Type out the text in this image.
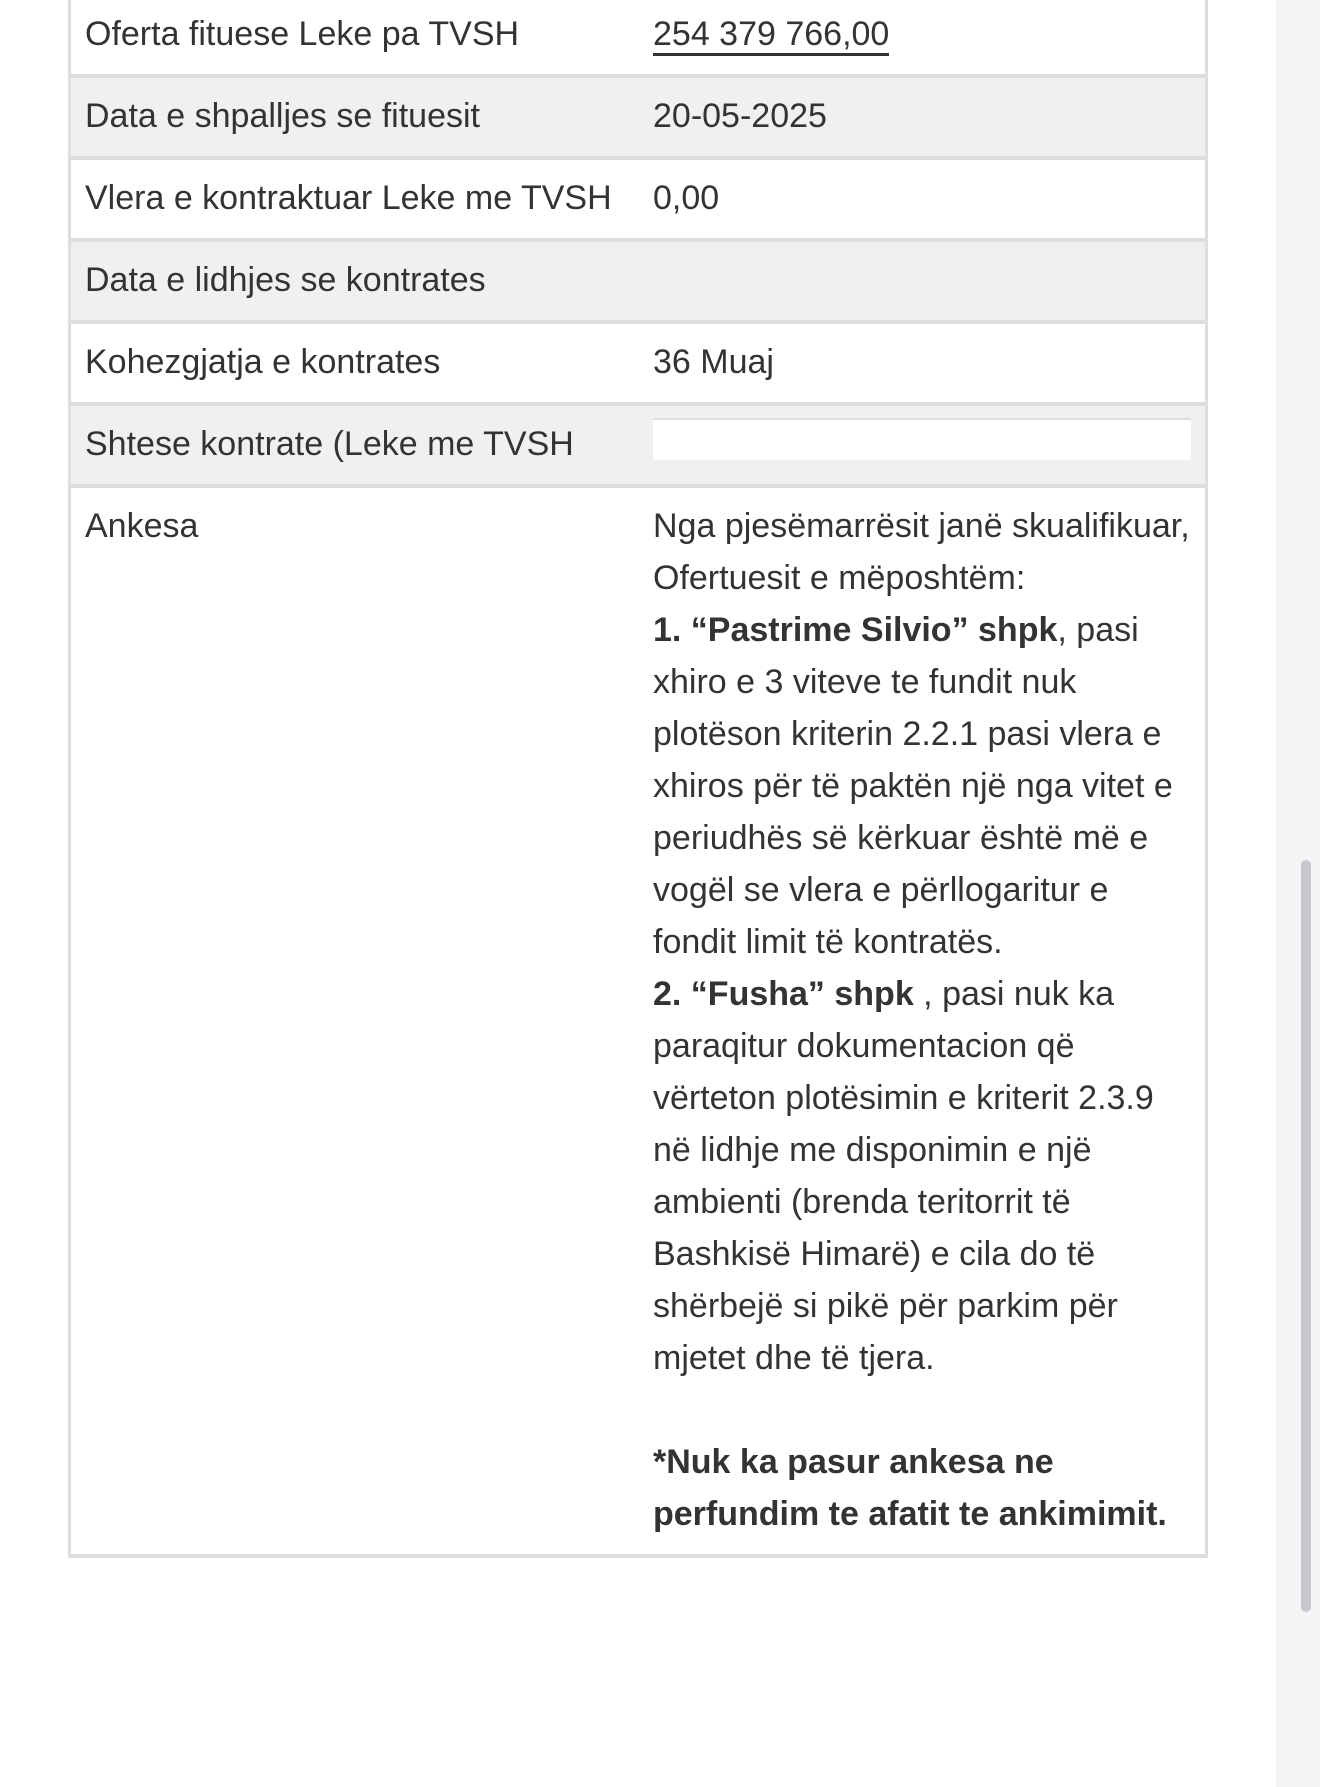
Oferta fituese Leke pa TVSH	254 379 766,00
Data e shpalljes se fituesit	20-05-2025
Vlera e kontraktuar Leke me TVSH	0,00
Data e lidhjes se kontrates	
Kohezgjatja e kontrates	36 Muaj
Shtese kontrate (Leke me TVSH	

Ankesa	Nga pjesëmarrësit janë skualifikuar, Ofertuesit e mëposhtëm:

1. “Pastrime Silvio” shpk, pasi xhiro e 3 viteve te fundit nuk plotëson kriterin 2.2.1 pasi vlera e xhiros për të paktën një nga vitet e periudhës së kërkuar është më e vogël se vlera e përllogaritur e fondit limit të kontratës.

2. “Fusha” shpk , pasi nuk ka paraqitur dokumentacion që vërteton plotësimin e kriterit 2.3.9 në lidhje me disponimin e një ambienti (brenda teritorrit të Bashkisë Himarë) e cila do të shërbejë si pikë për parkim për mjetet dhe të tjera.

*Nuk ka pasur ankesa ne perfundim te afatit te ankimimit.
